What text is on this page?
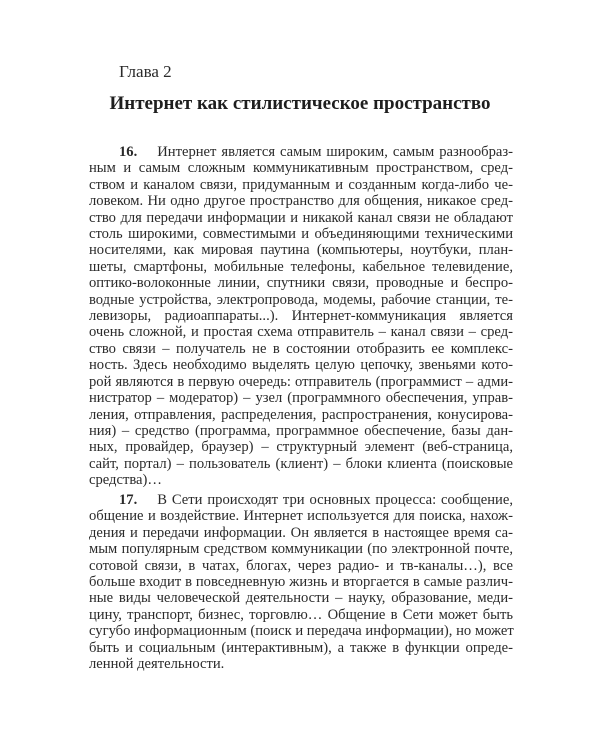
Глава 2
Интернет как стилистическое пространство
16. Интернет является самым широким, самым разнообраз-
ным и самым сложным коммуникативным пространством, сред-
ством и каналом связи, придуманным и созданным когда-либо че-
ловеком. Ни одно другое пространство для общения, никакое сред-
ство для передачи информации и никакой канал связи не обладают
столь широкими, совместимыми и объединяющими техническими
носителями, как мировая паутина (компьютеры, ноутбуки, план-
шеты, смартфоны, мобильные телефоны, кабельное телевидение,
оптико-волоконные линии, спутники связи, проводные и беспро-
водные устройства, электропровода, модемы, рабочие станции, те-
левизоры, радиоаппараты...). Интернет-коммуникация является
очень сложной, и простая схема отправитель – канал связи – сред-
ство связи – получатель не в состоянии отобразить ее комплекс-
ность. Здесь необходимо выделять целую цепочку, звеньями кото-
рой являются в первую очередь: отправитель (программист – адми-
нистратор – модератор) – узел (программного обеспечения, управ-
ления, отправления, распределения, распространения, конусирова-
ния) – средство (программа, программное обеспечение, базы дан-
ных, провайдер, браузер) – структурный элемент (веб-страница,
сайт, портал) – пользователь (клиент) – блоки клиента (поисковые
средства)…
17. В Сети происходят три основных процесса: сообщение,
общение и воздействие. Интернет используется для поиска, нахож-
дения и передачи информации. Он является в настоящее время са-
мым популярным средством коммуникации (по электронной почте,
сотовой связи, в чатах, блогах, через радио- и тв-каналы…), все
больше входит в повседневную жизнь и вторгается в самые различ-
ные виды человеческой деятельности – науку, образование, меди-
цину, транспорт, бизнес, торговлю… Общение в Сети может быть
сугубо информационным (поиск и передача информации), но может
быть и социальным (интерактивным), а также в функции опреде-
ленной деятельности.
